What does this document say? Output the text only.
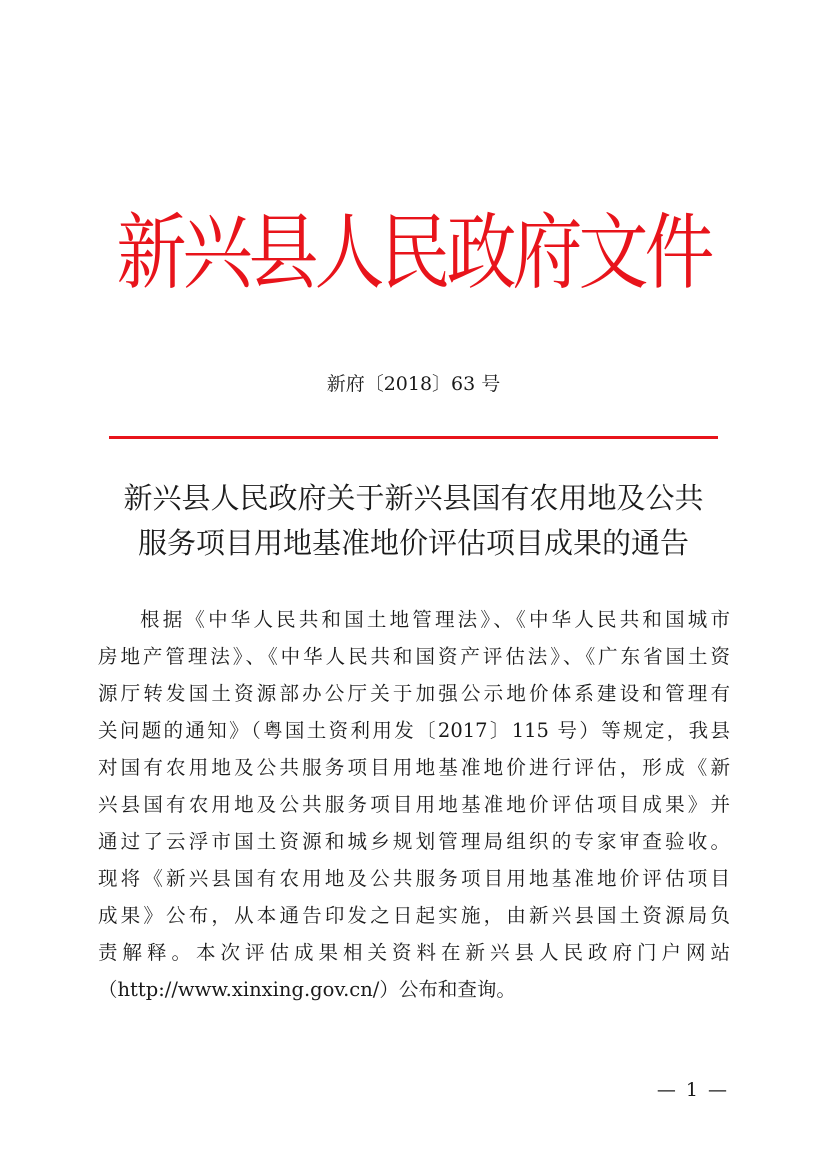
新兴县人民政府文件
新府〔2018〕63 号
新兴县人民政府关于新兴县国有农用地及公共
服务项目用地基准地价评估项目成果的通告
根据《中华人民共和国土地管理法》、《中华人民共和国城市
房地产管理法》、《中华人民共和国资产评估法》、《广东省国土资
源厅转发国土资源部办公厅关于加强公示地价体系建设和管理有
关问题的通知》（粤国土资利用发〔2017〕115 号）等规定，我县
对国有农用地及公共服务项目用地基准地价进行评估，形成《新
兴县国有农用地及公共服务项目用地基准地价评估项目成果》并
通过了云浮市国土资源和城乡规划管理局组织的专家审查验收。
现将《新兴县国有农用地及公共服务项目用地基准地价评估项目
成果》公布，从本通告印发之日起实施，由新兴县国土资源局负
责解释。本次评估成果相关资料在新兴县人民政府门户网站
（http://www.xinxing.gov.cn/）公布和查询。
— 1 —
